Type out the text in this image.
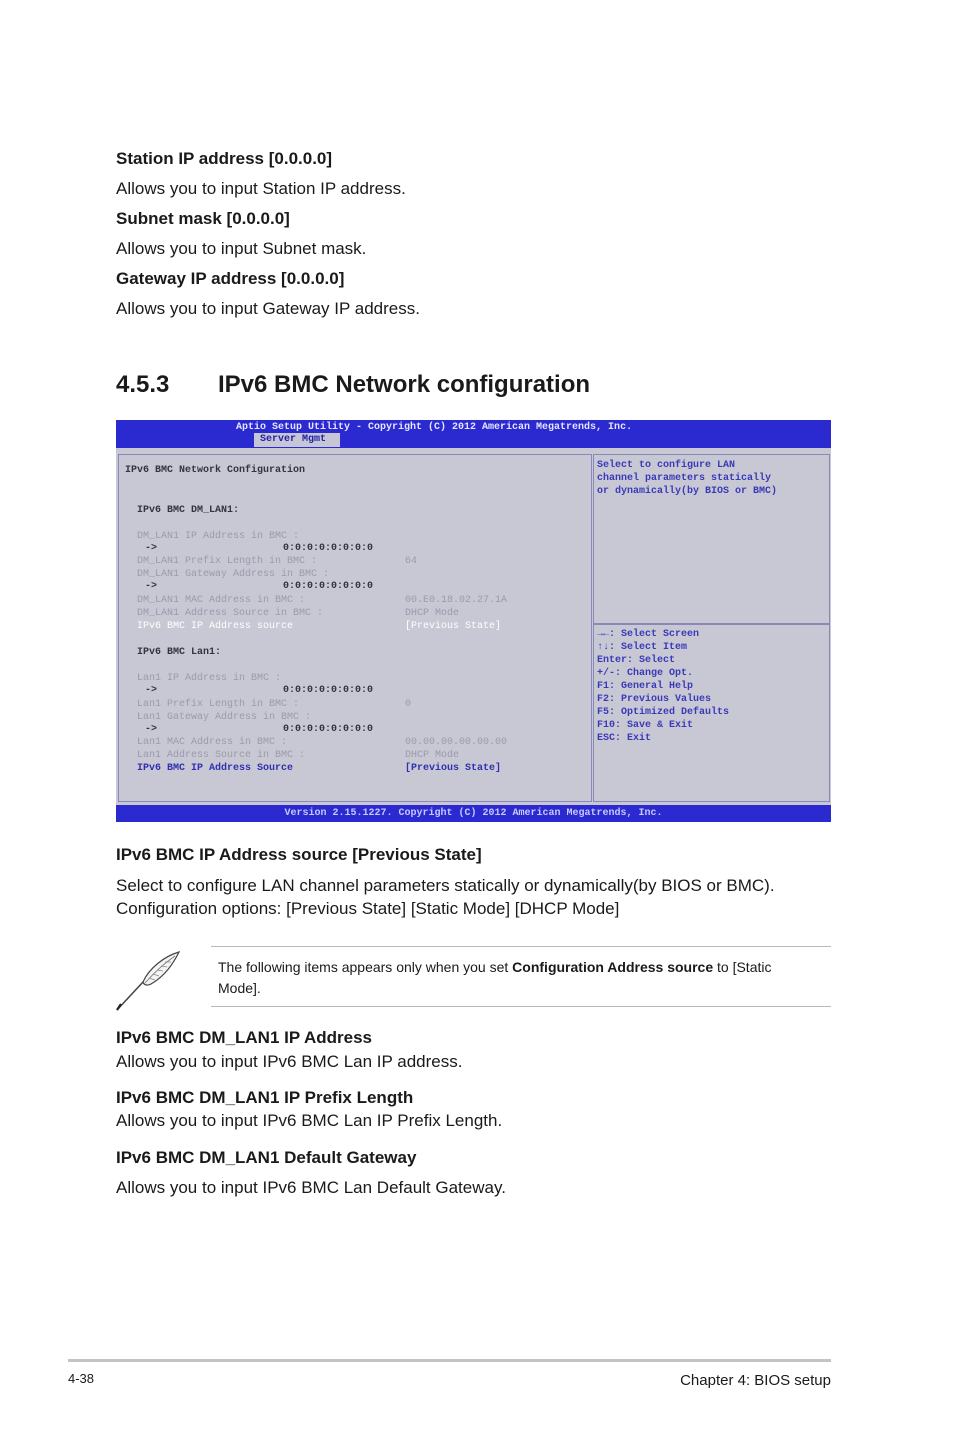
Station IP address [0.0.0.0]
Allows you to input Station IP address.
Subnet mask [0.0.0.0]
Allows you to input Subnet mask.
Gateway IP address [0.0.0.0]
Allows you to input Gateway IP address.
4.5.3 IPv6 BMC Network configuration
Aptio Setup Utility - Copyright (C) 2012 American Megatrends, Inc.
Server Mgmt
IPv6 BMC Network Configuration
IPv6 BMC DM_LAN1:
DM_LAN1 IP Address in BMC :
->	0:0:0:0:0:0:0:0
DM_LAN1 Prefix Length in BMC :	64
DM_LAN1 Gateway Address in BMC :
->	0:0:0:0:0:0:0:0
DM_LAN1 MAC Address in BMC :	00.E0.18.02.27.1A
DM_LAN1 Address Source in BMC :	DHCP Mode
IPv6 BMC IP Address source	[Previous State]
IPv6 BMC Lan1:
Lan1 IP Address in BMC :
->	0:0:0:0:0:0:0:0
Lan1 Prefix Length in BMC :	0
Lan1 Gateway Address in BMC :
->	0:0:0:0:0:0:0:0
Lan1 MAC Address in BMC :	00.00.00.00.00.00
Lan1 Address Source in BMC :	DHCP Mode
IPv6 BMC IP Address Source	[Previous State]
Select to configure LAN
channel parameters statically
or dynamically(by BIOS or BMC)
→←: Select Screen
↑↓: Select Item
Enter: Select
+/-: Change Opt.
F1: General Help
F2: Previous Values
F5: Optimized Defaults
F10: Save & Exit
ESC: Exit
Version 2.15.1227. Copyright (C) 2012 American Megatrends, Inc.
IPv6 BMC IP Address source [Previous State]
Select to configure LAN channel parameters statically or dynamically(by BIOS or BMC).
Configuration options: [Previous State] [Static Mode] [DHCP Mode]
The following items appears only when you set Configuration Address source to [Static
Mode].
IPv6 BMC DM_LAN1 IP Address
Allows you to input IPv6 BMC Lan IP address.
IPv6 BMC DM_LAN1 IP Prefix Length
Allows you to input IPv6 BMC Lan IP Prefix Length.
IPv6 BMC DM_LAN1 Default Gateway
Allows you to input IPv6 BMC Lan Default Gateway.
4-38	Chapter 4: BIOS setup
